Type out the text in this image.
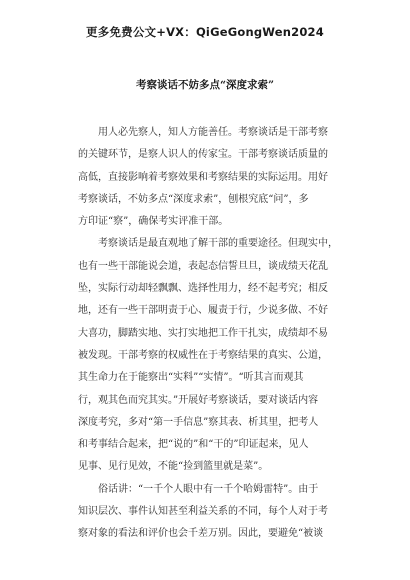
更多免费公文+VX：QiGeGongWen2024
考察谈话不妨多点“深度求索”
用人必先察人，知人方能善任。考察谈话是干部考察
的关键环节，是察人识人的传家宝。干部考察谈话质量的
高低，直接影响着考察效果和考察结果的实际运用。用好
考察谈话，不妨多点“深度求索”，刨根究底“问”，多
方印证“察”，确保考实评准干部。
考察谈话是最直观地了解干部的重要途径。但现实中，
也有一些干部能说会道，表起态信誓旦旦，谈成绩天花乱
坠，实际行动却轻飘飘、选择性用力，经不起考究；相反
地，还有一些干部明责于心、履责于行，少说多做、不好
大喜功，脚踏实地、实打实地把工作干扎实，成绩却不易
被发现。干部考察的权威性在于考察结果的真实、公道，
其生命力在于能察出“实料”“实情”。“听其言而观其
行，观其色而究其实。”开展好考察谈话，要对谈话内容
深度考究，多对“第一手信息”察其表、析其里，把考人
和考事结合起来，把“说的”和“干的”印证起来，见人
见事、见行见效，不能“捡到篮里就是菜”。
俗话讲：“一千个人眼中有一千个哈姆雷特”。由于
知识层次、事件认知甚至利益关系的不同，每个人对于考
察对象的看法和评价也会千差万别。因此，要避免“被谈
